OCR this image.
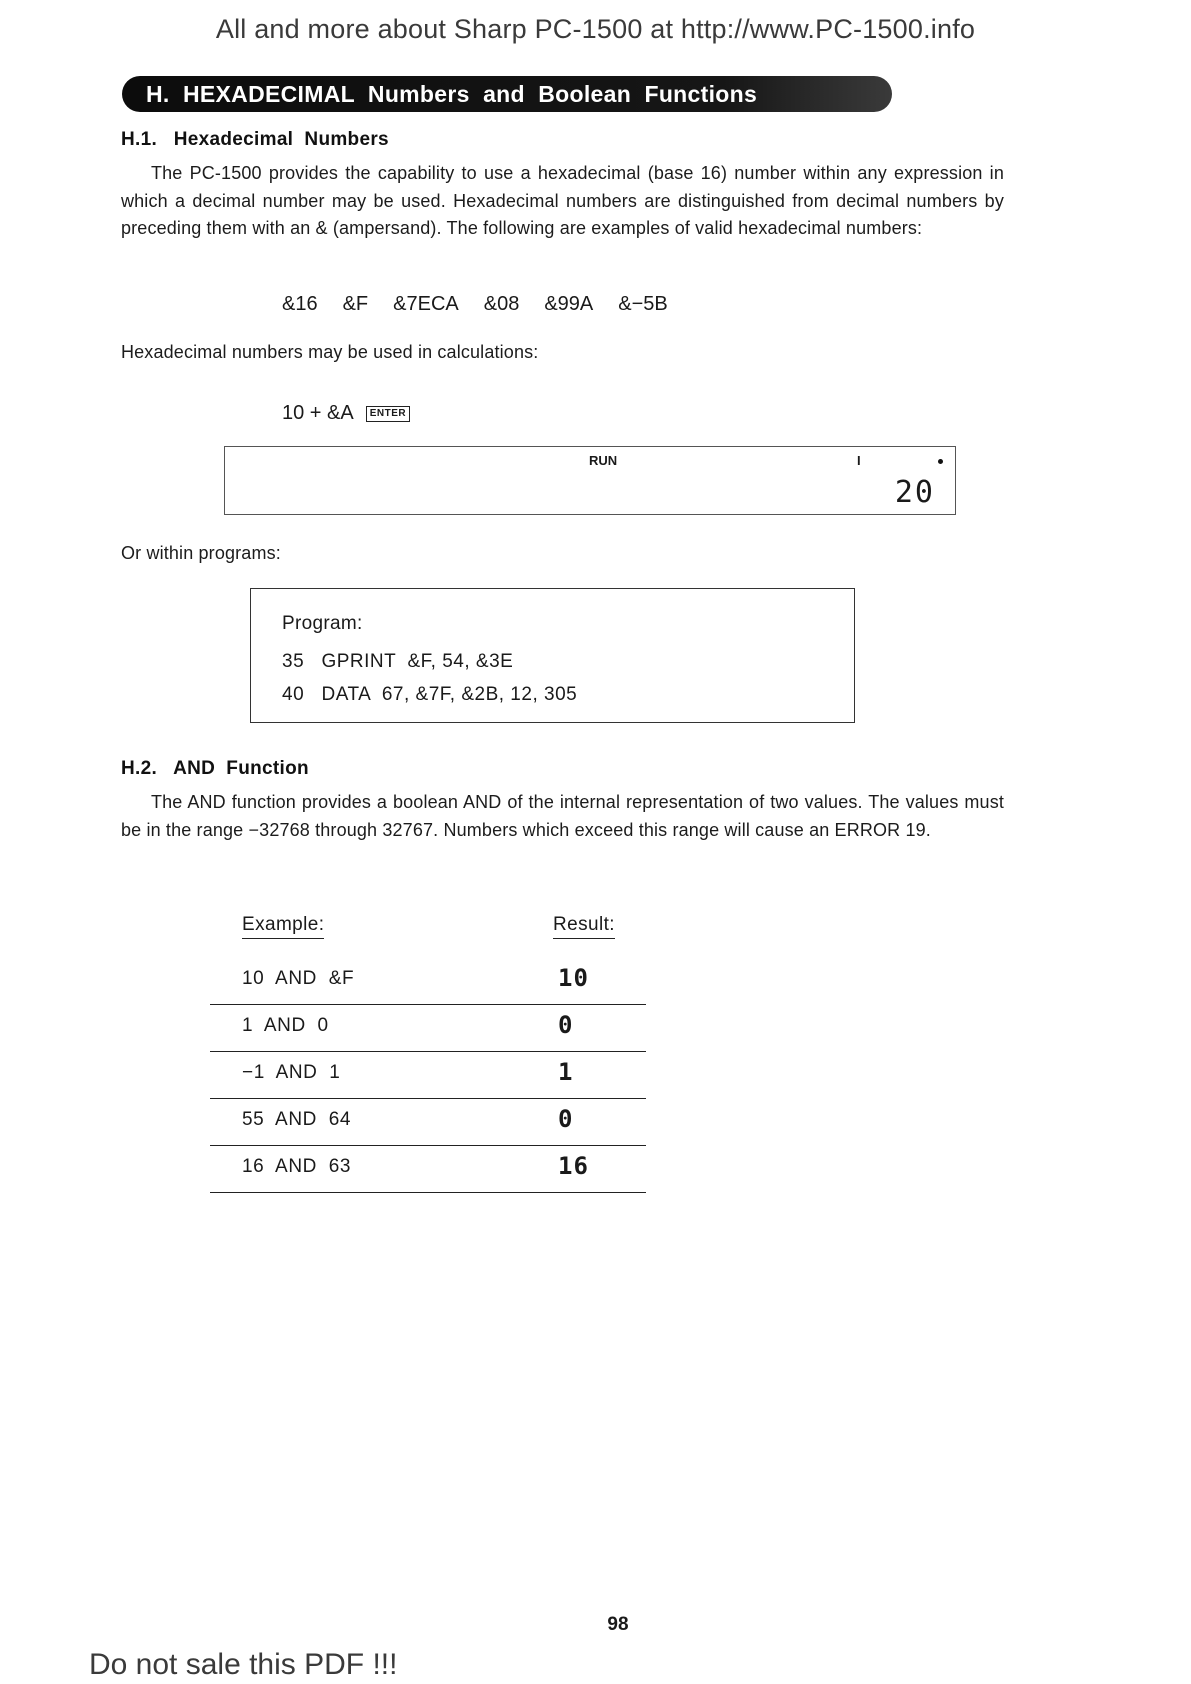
All and more about Sharp PC-1500 at http://www.PC-1500.info
H.  HEXADECIMAL  Numbers  and  Boolean  Functions
H.1.   Hexadecimal  Numbers
The PC-1500 provides the capability to use a hexadecimal (base 16) number within any expression in which a decimal number may be used. Hexadecimal numbers are distinguished from decimal numbers by preceding them with an & (ampersand). The following are examples of valid hexadecimal numbers:
&16 &F &7ECA &08 &99A &−5B
Hexadecimal numbers may be used in calculations:
10 + &A	ENTER
RUN	I
20
Or within programs:
Program:
35 GPRINT  &F, 54, &3E
40 DATA  67, &7F, &2B, 12, 305
H.2.   AND  Function
The AND function provides a boolean AND of the internal representation of two values. The values must be in the range −32768 through 32767. Numbers which exceed this range will cause an ERROR 19.
Example:	Result:
10  AND  &F	10
1  AND  0	0
−1  AND  1	1
55  AND  64	0
16  AND  63	16
98
Do not sale this PDF !!!
